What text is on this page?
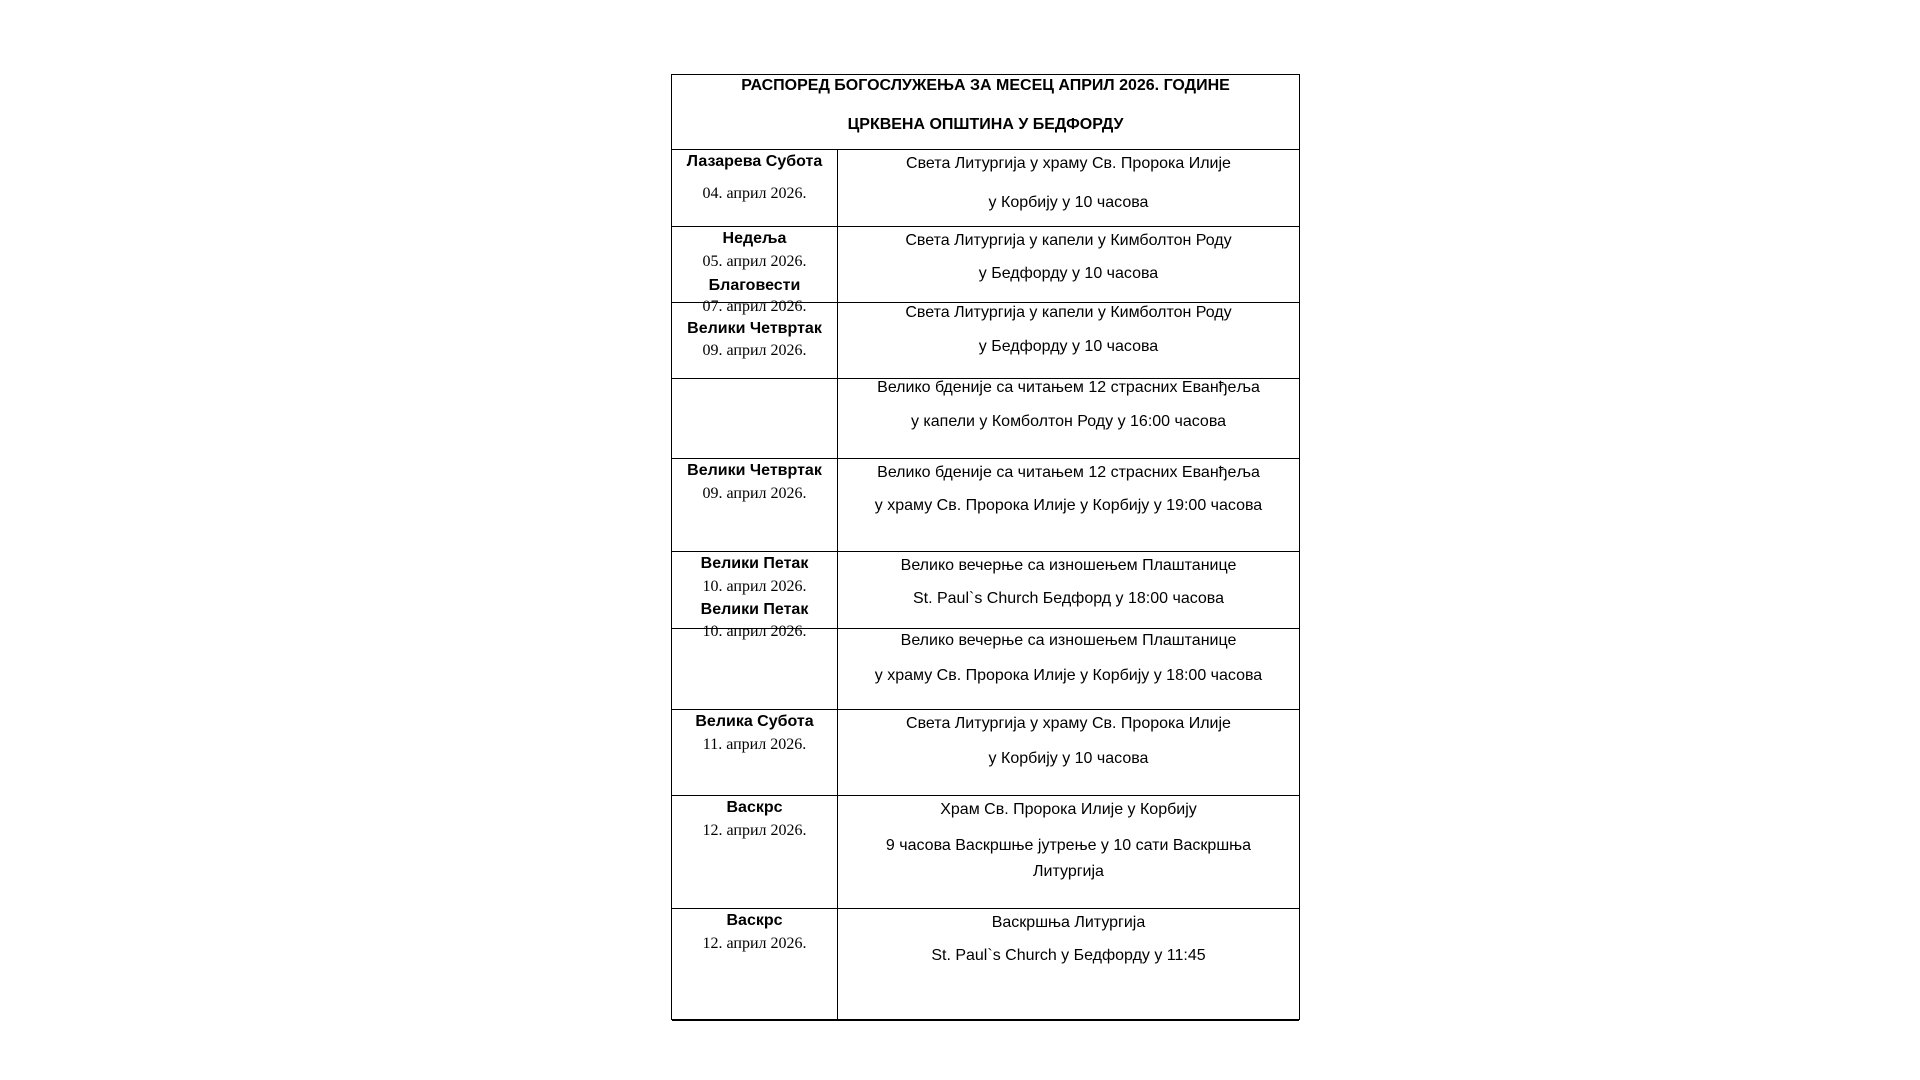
РАСПОРЕД БОГОСЛУЖЕЊА ЗА МЕСЕЦ АПРИЛ 2026. ГОДИНЕ
ЦРКВЕНА ОПШТИНА У БЕДФОРДУ
Лазарева Субота
04. април 2026.
Света Литургија у храму Св. Пророка Илије
у Корбију у 10 часова
Недеља
05. април 2026.
Света Литургија у капели у Кимболтон Роду
у Бедфорду у 10 часова
Света Литургија у капели у Кимболтон Роду
у Бедфорду у 10 часова
Благовести
07. април 2026.
Велики Четвртак
09. април 2026.
Велико бденије са читањем 12 страсних Еванђеља
у капели у Комболтон Роду у 16:00 часова
Велики Четвртак
09. април 2026.
Велико бденије са читањем 12 страсних Еванђеља
у храму Св. Пророка Илије у Корбију у 19:00 часова
Велико вечерње са изношењем Плаштанице
St. Paul`s Church Бедфорд у 18:00 часова
Велики Петак
10. април 2026.
Велики Петак
10. април 2026.
Велико вечерње са изношењем Плаштанице
у храму Св. Пророка Илије у Корбију у 18:00 часова
Велика Субота
11. април 2026.
Света Литургија у храму Св. Пророка Илије
у Корбију у 10 часова
Васкрс
12. април 2026.
Храм Св. Пророка Илије у Корбију
9 часова Васкршње јутрење у 10 сати Васкршња Литургија
Васкрс
12. април 2026.
Васкршња Литургија
St. Paul`s Church у Бедфорду у 11:45
